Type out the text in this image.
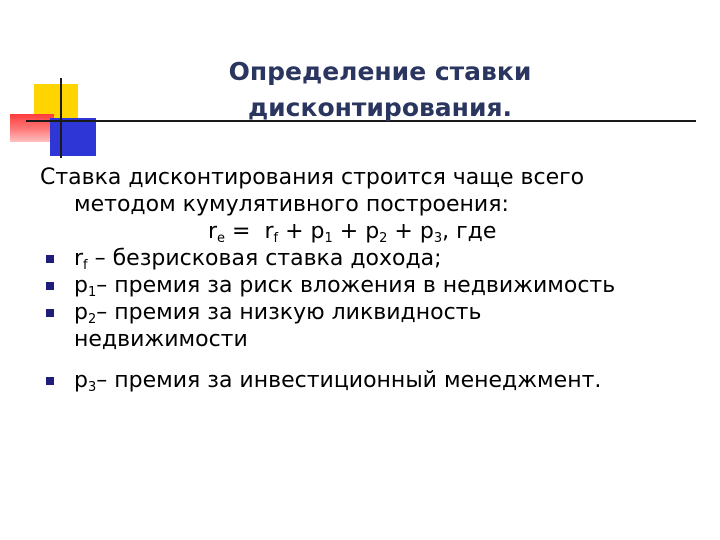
Определение ставки
дисконтирования.
Ставка дисконтирования строится чаще всего
методом кумулятивного построения:
$r_e = r_f + p_1 + p_2 + p_3$, где
$r_f$ – безрисковая ставка дохода;
$p_1-$ премия за риск вложения в недвижимость
$p_2-$ премия за низкую ликвидность
недвижимости
$p_3-$ премия за инвестиционный менеджмент.
